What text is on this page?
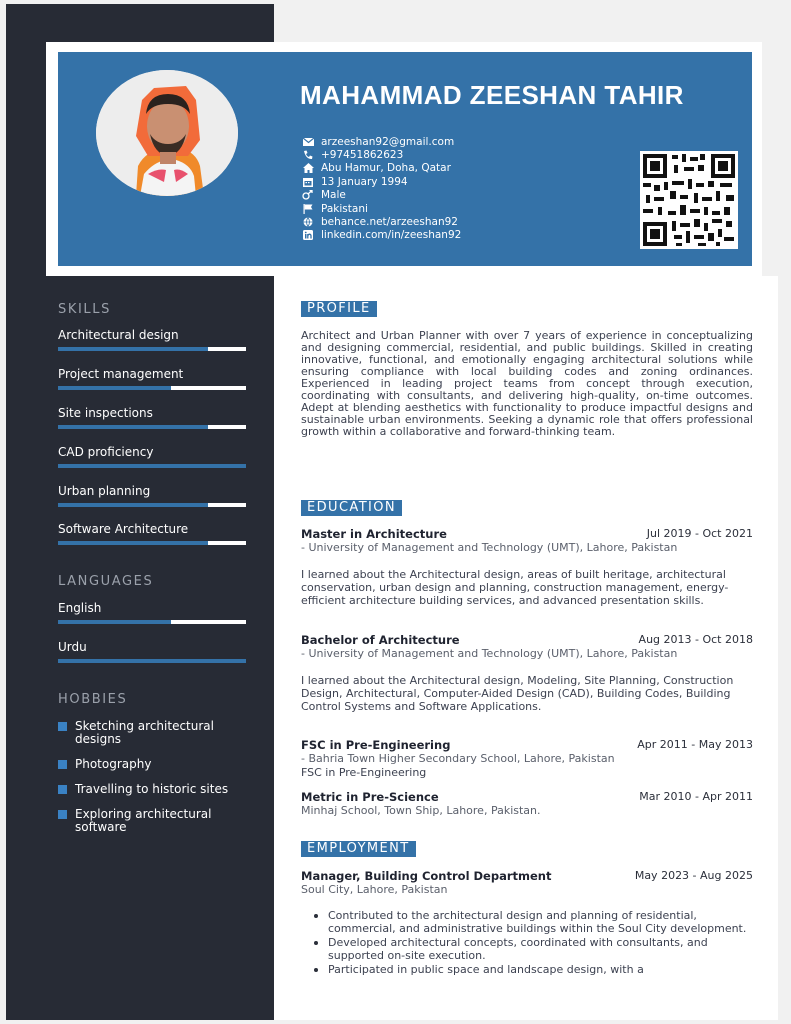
MAHAMMAD ZEESHAN TAHIR
arzeeshan92@gmail.com
+97451862623
Abu Hamur, Doha, Qatar
13 January 1994
Male
Pakistani
behance.net/arzeeshan92
linkedin.com/in/zeeshan92
SKILLS
Architectural design
Project management
Site inspections
CAD proficiency
Urban planning
Software Architecture
LANGUAGES
English
Urdu
HOBBIES
Sketching architectural designs
Photography
Travelling to historic sites
Exploring architectural software
PROFILE
Architect and Urban Planner with over 7 years of experience in conceptualizing and designing commercial, residential, and public buildings. Skilled in creating innovative, functional, and emotionally engaging architectural solutions while ensuring compliance with local building codes and zoning ordinances. Experienced in leading project teams from concept through execution, coordinating with consultants, and delivering high-quality, on-time outcomes. Adept at blending aesthetics with functionality to produce impactful designs and sustainable urban environments. Seeking a dynamic role that offers professional growth within a collaborative and forward-thinking team.
EDUCATION
Master in Architecture	Jul 2019 - Oct 2021
- University of Management and Technology (UMT), Lahore, Pakistan
I learned about the Architectural design, areas of built heritage, architectural conservation, urban design and planning, construction management, energy-efficient architecture building services, and advanced presentation skills.
Bachelor of Architecture	Aug 2013 - Oct 2018
- University of Management and Technology (UMT), Lahore, Pakistan
I learned about the Architectural design, Modeling, Site Planning, Construction Design, Architectural, Computer-Aided Design (CAD), Building Codes, Building Control Systems and Software Applications.
FSC in Pre-Engineering	Apr 2011 - May 2013
- Bahria Town Higher Secondary School, Lahore, Pakistan
FSC in Pre-Engineering
Metric in Pre-Science	Mar 2010 - Apr 2011
Minhaj School, Town Ship, Lahore, Pakistan.
EMPLOYMENT
Manager, Building Control Department	May 2023 - Aug 2025
Soul City, Lahore, Pakistan
Contributed to the architectural design and planning of residential, commercial, and administrative buildings within the Soul City development.
Developed architectural concepts, coordinated with consultants, and supported on-site execution.
Participated in public space and landscape design, with a
